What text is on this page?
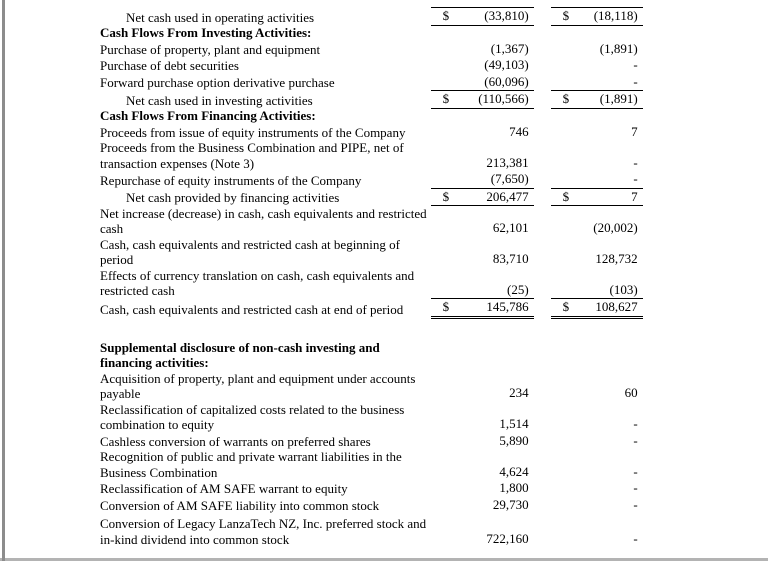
Net cash used in operating activities	$ (33,810)		$ (18,118)

Cash Flows From Investing Activities:			

Purchase of property, plant and equipment	(1,367)		(1,891)

Purchase of debt securities	(49,103)		-

Forward purchase option derivative purchase	(60,096)		-

Net cash used in investing activities	$ (110,566)		$ (1,891)

Cash Flows From Financing Activities:			

Proceeds from issue of equity instruments of the Company	746		7

Proceeds from the Business Combination and PIPE, net of
transaction expenses (Note 3)	213,381		-

Repurchase of equity instruments of the Company	(7,650)		-

Net cash provided by financing activities	$ 206,477		$ 7

Net increase (decrease) in cash, cash equivalents and restricted
cash	62,101		(20,002)

Cash, cash equivalents and restricted cash at beginning of
period	83,710		128,732

Effects of currency translation on cash, cash equivalents and
restricted cash	(25)		(103)

Cash, cash equivalents and restricted cash at end of period	$ 145,786		$ 108,627

Supplemental disclosure of non-cash investing and
financing activities:			

Acquisition of property, plant and equipment under accounts
payable	234		60

Reclassification of capitalized costs related to the business
combination to equity	1,514		-

Cashless conversion of warrants on preferred shares	5,890		-

Recognition of public and private warrant liabilities in the
Business Combination	4,624		-

Reclassification of AM SAFE warrant to equity	1,800		-

Conversion of AM SAFE liability into common stock	29,730		-

Conversion of Legacy LanzaTech NZ, Inc. preferred stock and
in-kind dividend into common stock	722,160		-
